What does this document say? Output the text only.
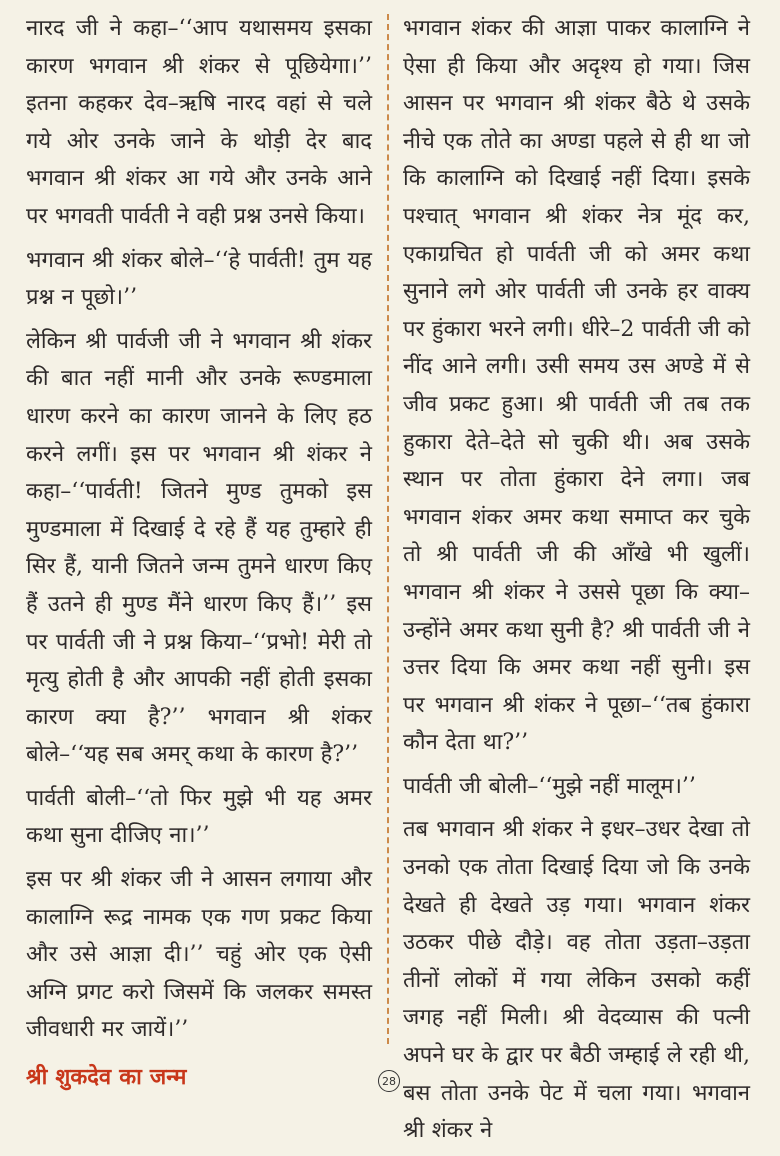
नारद जी ने कहा–‘‘आप यथासमय इसका कारण भगवान श्री शंकर से पूछियेगा।’’ इतना कहकर देव–ऋषि नारद वहां से चले गये ओर उनके जाने के थोड़ी देर बाद भगवान श्री शंकर आ गये और उनके आने पर भगवती पार्वती ने वही प्रश्न उनसे किया।

भगवान श्री शंकर बोले–‘‘हे पार्वती! तुम यह प्रश्न न पूछो।’’

लेकिन श्री पार्वजी जी ने भगवान श्री शंकर की बात नहीं मानी और उनके रूण्डमाला धारण करने का कारण जानने के लिए हठ करने लगीं। इस पर भगवान श्री शंकर ने कहा–‘‘पार्वती! जितने मुण्ड तुमको इस मुण्डमाला में दिखाई दे रहे हैं यह तुम्हारे ही सिर हैं, यानी जितने जन्म तुमने धारण किए हैं उतने ही मुण्ड मैंने धारण किए हैं।’’ इस पर पार्वती जी ने प्रश्न किया–‘‘प्रभो! मेरी तो मृत्यु होती है और आपकी नहीं होती इसका कारण क्या है?’’ भगवान श्री शंकर बोले–‘‘यह सब अमर् कथा के कारण है?’’

पार्वती बोली–‘‘तो फिर मुझे भी यह अमर कथा सुना दीजिए ना।’’

इस पर श्री शंकर जी ने आसन लगाया और कालाग्नि रूद्र नामक एक गण प्रकट किया और उसे आज्ञा दी।’’ चहुं ओर एक ऐसी अग्नि प्रगट करो जिसमें कि जलकर समस्त जीवधारी मर जायें।’’

श्री शुकदेव का जन्म

भगवान शंकर की आज्ञा पाकर कालाग्नि ने ऐसा ही किया और अदृश्य हो गया। जिस आसन पर भगवान श्री शंकर बैठे थे उसके नीचे एक तोते का अण्डा पहले से ही था जो कि कालाग्नि को दिखाई नहीं दिया। इसके पश्चात् भगवान श्री शंकर नेत्र मूंद कर, एकाग्रचित हो पार्वती जी को अमर कथा सुनाने लगे ओर पार्वती जी उनके हर वाक्य पर हुंकारा भरने लगी। धीरे–2 पार्वती जी को नींद आने लगी। उसी समय उस अण्डे में से जीव प्रकट हुआ। श्री पार्वती जी तब तक हुकारा देते–देते सो चुकी थी। अब उसके स्थान पर तोता हुंकारा देने लगा। जब भगवान शंकर अमर कथा समाप्त कर चुके तो श्री पार्वती जी की आँखे भी खुलीं। भगवान श्री शंकर ने उससे पूछा कि क्या–उन्होंने अमर कथा सुनी है? श्री पार्वती जी ने उत्तर दिया कि अमर कथा नहीं सुनी। इस पर भगवान श्री शंकर ने पूछा–‘‘तब हुंकारा कौन देता था?’’

पार्वती जी बोली–‘‘मुझे नहीं मालूम।’’

तब भगवान श्री शंकर ने इधर–उधर देखा तो उनको एक तोता दिखाई दिया जो कि उनके देखते ही देखते उड़ गया। भगवान शंकर उठकर पीछे दौड़े। वह तोता उड़ता–उड़ता तीनों लोकों में गया लेकिन उसको कहीं जगह नहीं मिली। श्री वेदव्यास की पत्नी अपने घर के द्वार पर बैठी जम्हाई ले रही थी, बस तोता उनके पेट में चला गया। भगवान श्री शंकर ने

28
